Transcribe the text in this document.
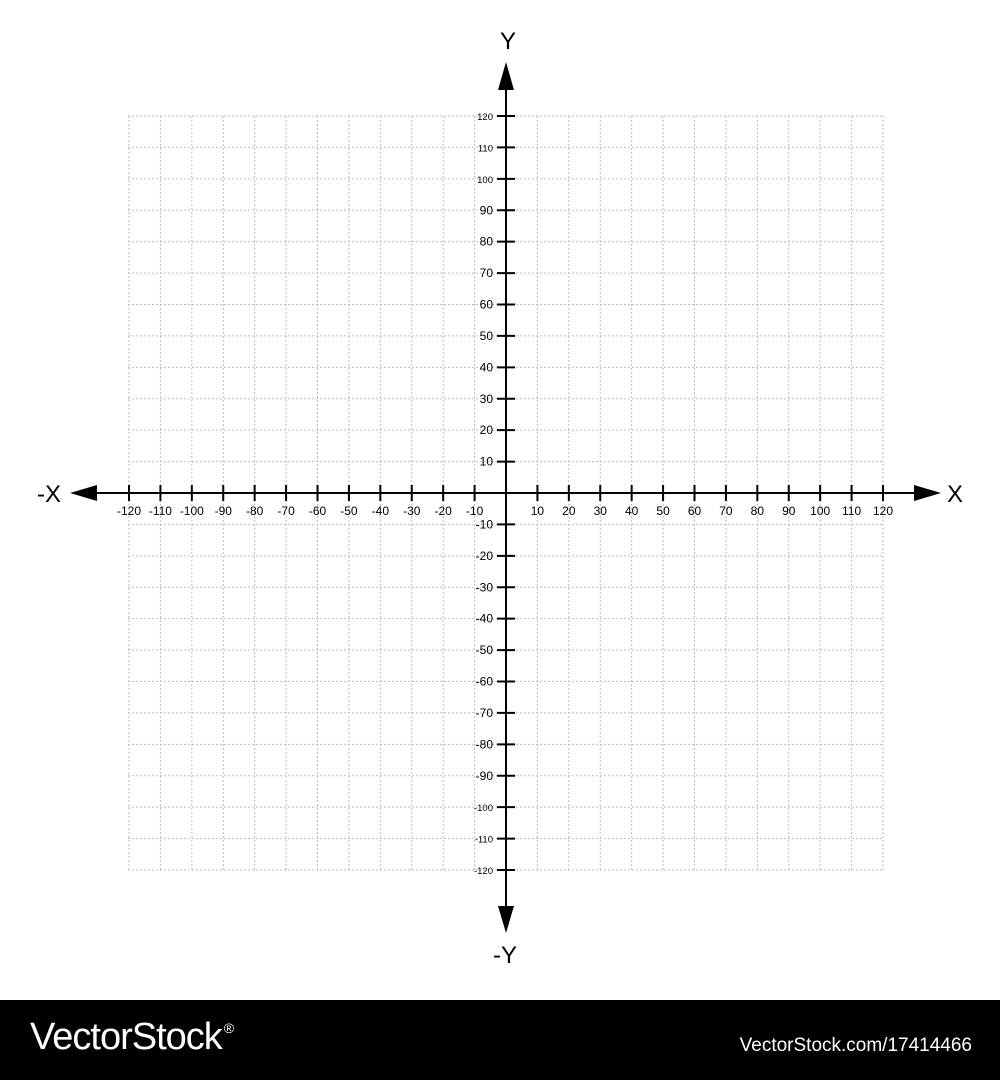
-120 -110 -100 -90 -80 -70 -60 -50 -40 -30 -20 -10	10 20 30 40 50 60 70 80 90 100 110 120
120
110
100
90
80
70
60
50
40
30
20
10
-10
-20
-30
-40
-50
-60
-70
-80
-90
-100
-110
-120
Y
-Y
X
-X
VectorStock ®
VectorStock.com/17414466
